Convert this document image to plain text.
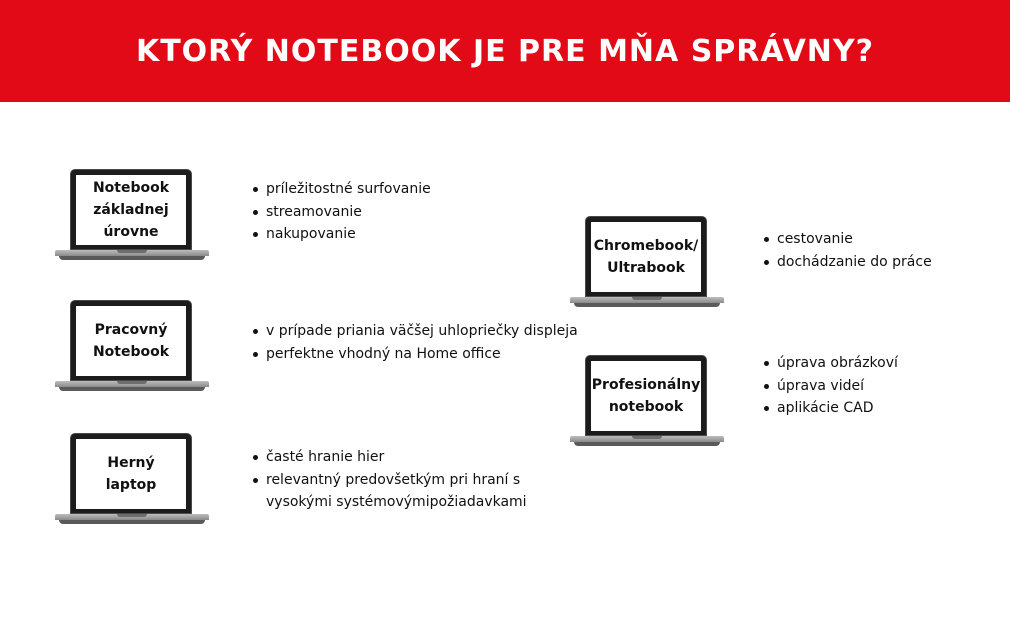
KTORÝ NOTEBOOK JE PRE MŇA SPRÁVNY?
Notebook
základnej
úrovne
príležitostné surfovanie
streamovanie
nakupovanie
Pracovný
Notebook
v prípade priania väčšej uhlopriečky displeja
perfektne vhodný na Home office
Herný
laptop
časté hranie hier
relevantný predovšetkým pri hraní s
vysokými systémovýmipožiadavkami
Chromebook/
Ultrabook
cestovanie
dochádzanie do práce
Profesionálny
notebook
úprava obrázkoví
úprava videí
aplikácie CAD
